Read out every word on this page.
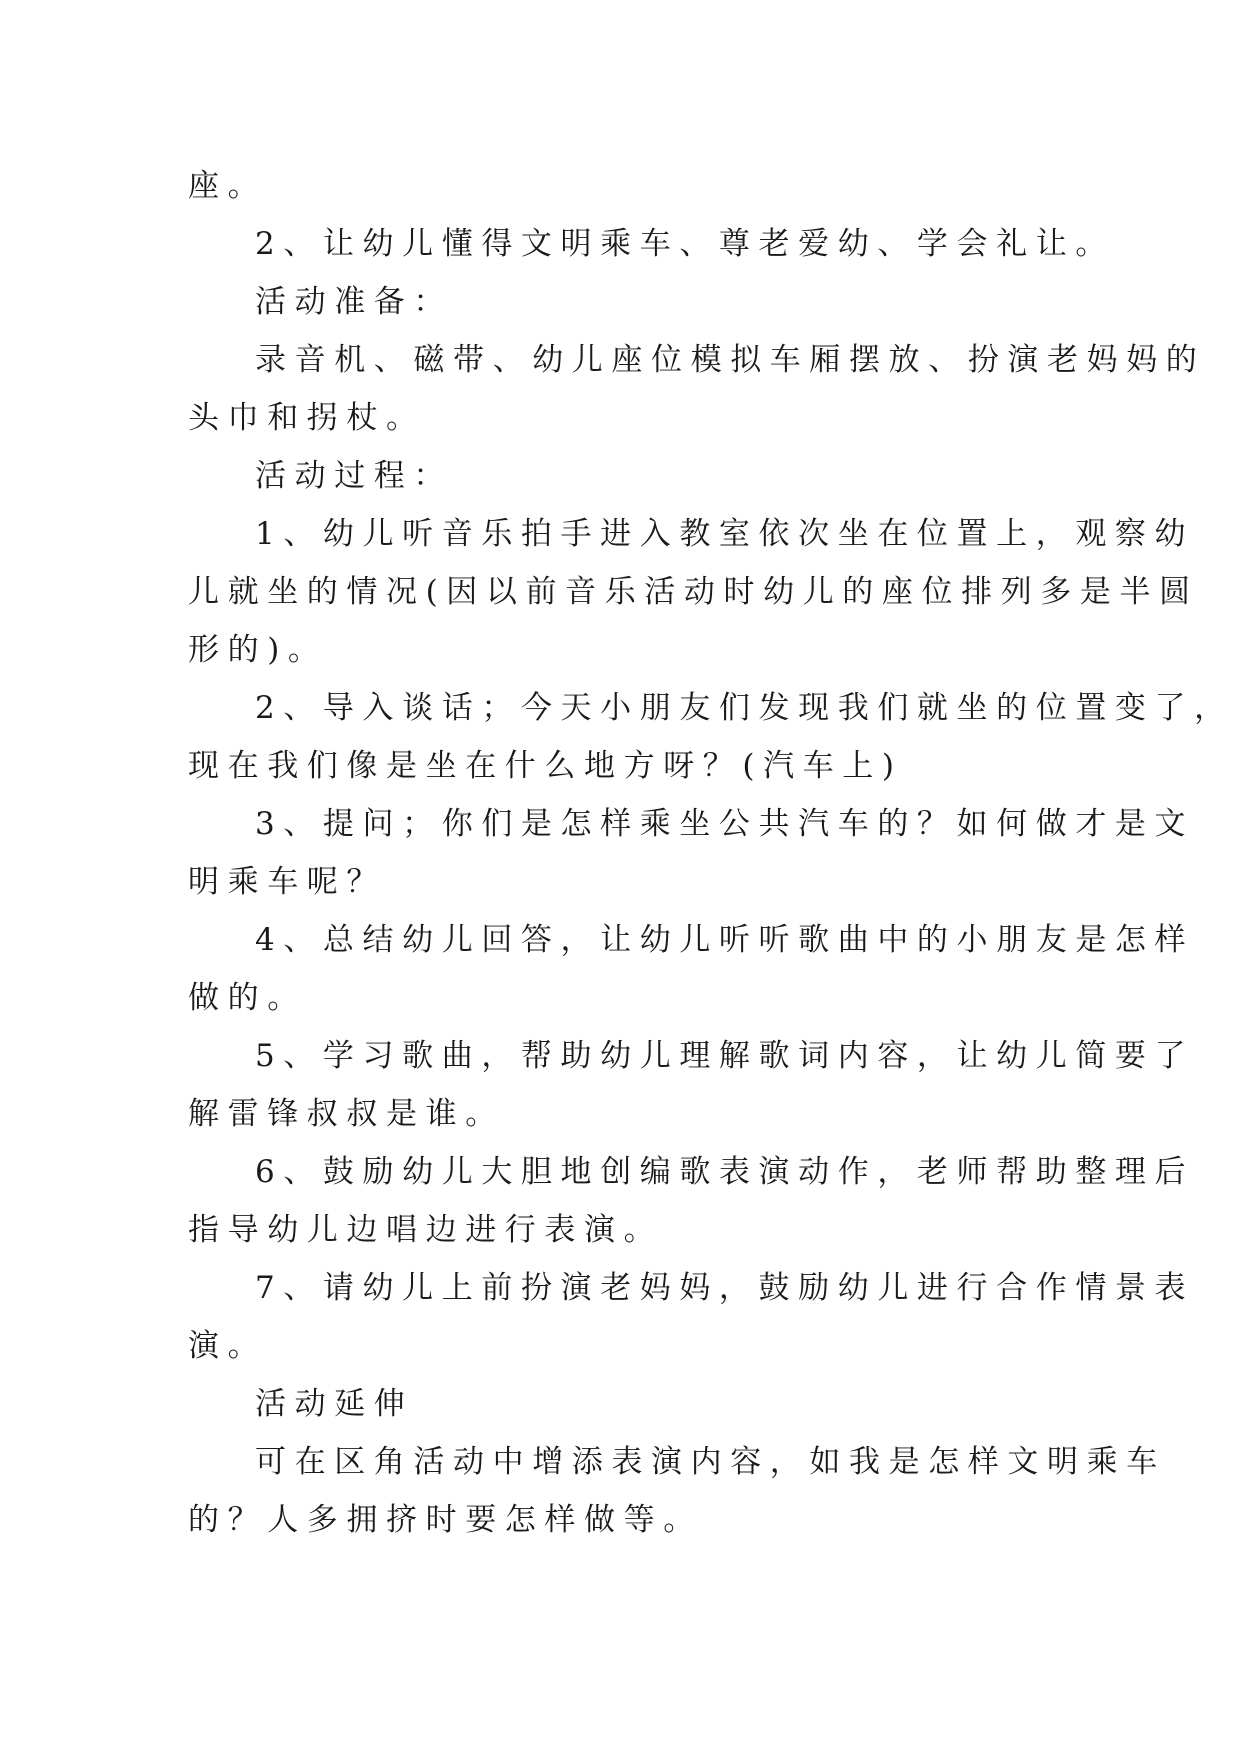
座。
2、让幼儿懂得文明乘车、尊老爱幼、学会礼让。
活动准备：
录音机、磁带、幼儿座位模拟车厢摆放、扮演老妈妈的
头巾和拐杖。
活动过程：
1、幼儿听音乐拍手进入教室依次坐在位置上，观察幼
儿就坐的情况(因以前音乐活动时幼儿的座位排列多是半圆
形的)。
2、导入谈话；今天小朋友们发现我们就坐的位置变了，
现在我们像是坐在什么地方呀？(汽车上)
3、提问；你们是怎样乘坐公共汽车的？如何做才是文
明乘车呢？
4、总结幼儿回答，让幼儿听听歌曲中的小朋友是怎样
做的。
5、学习歌曲，帮助幼儿理解歌词内容，让幼儿简要了
解雷锋叔叔是谁。
6、鼓励幼儿大胆地创编歌表演动作，老师帮助整理后
指导幼儿边唱边进行表演。
7、请幼儿上前扮演老妈妈，鼓励幼儿进行合作情景表
演。
活动延伸
可在区角活动中增添表演内容，如我是怎样文明乘车
的？人多拥挤时要怎样做等。
